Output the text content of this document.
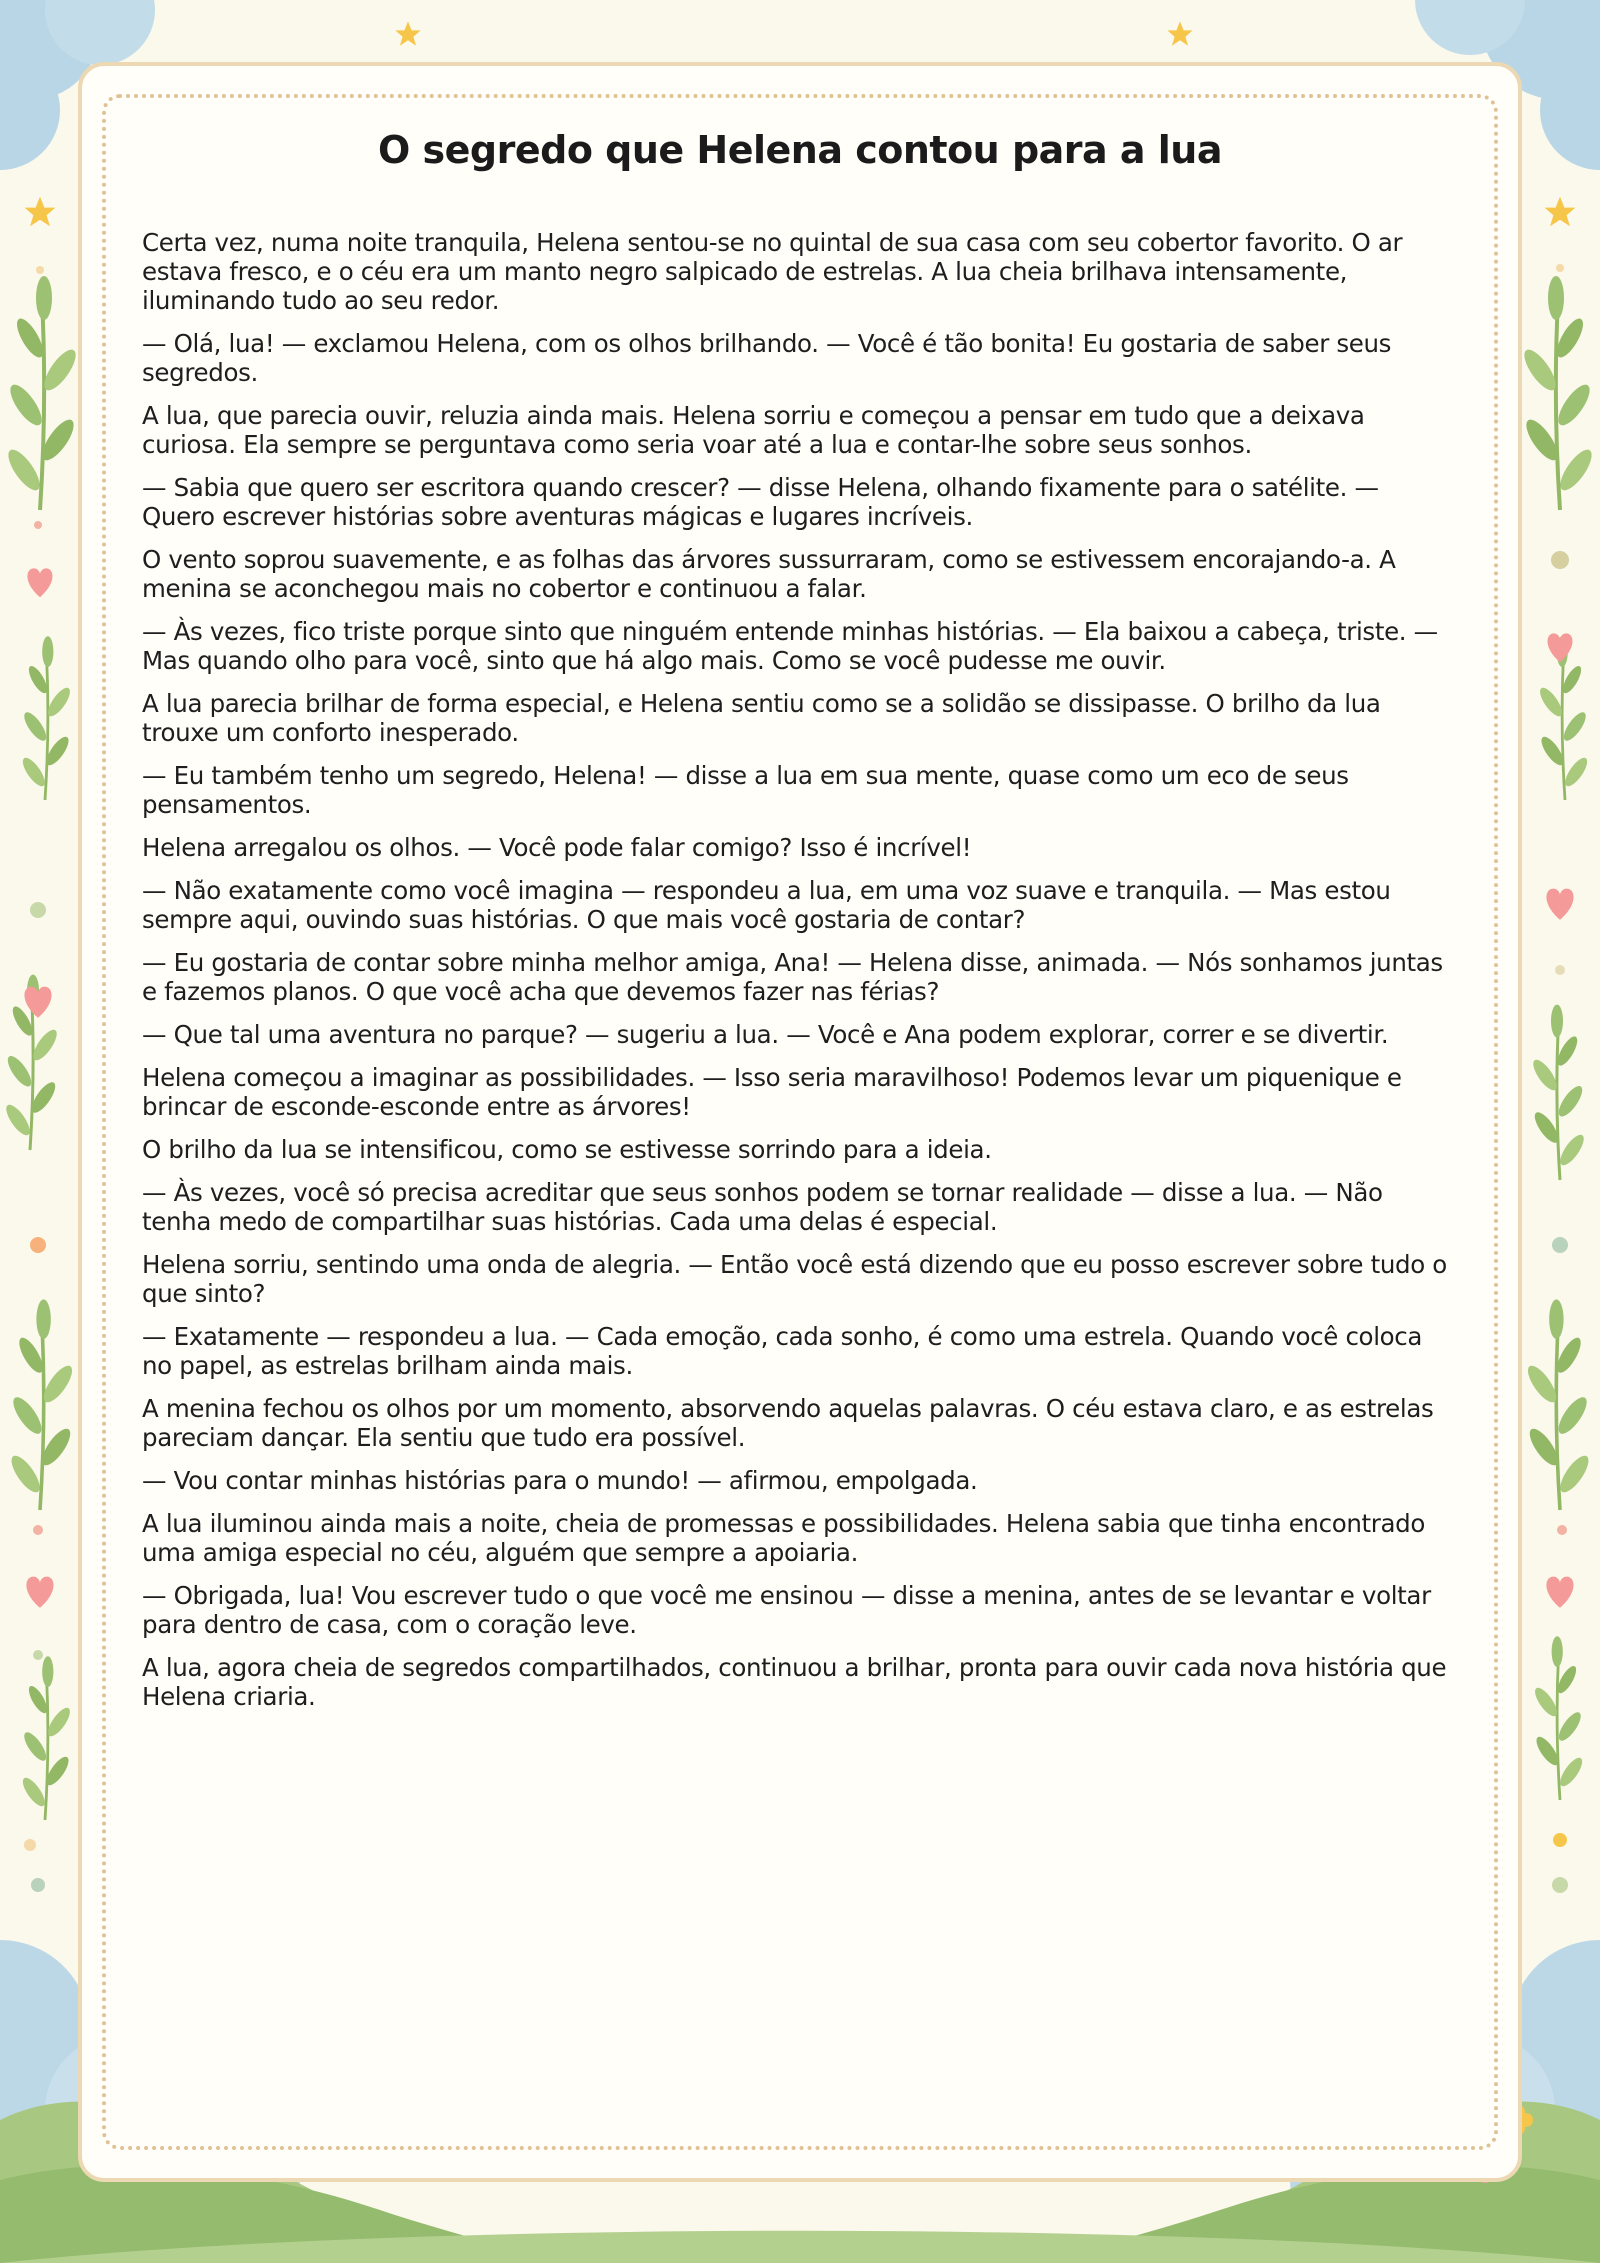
O segredo que Helena contou para a lua

Certa vez, numa noite tranquila, Helena sentou-se no quintal de sua casa com seu cobertor favorito. O ar estava fresco, e o céu era um manto negro salpicado de estrelas. A lua cheia brilhava intensamente, iluminando tudo ao seu redor.

— Olá, lua! — exclamou Helena, com os olhos brilhando. — Você é tão bonita! Eu gostaria de saber seus segredos.

A lua, que parecia ouvir, reluzia ainda mais. Helena sorriu e começou a pensar em tudo que a deixava curiosa. Ela sempre se perguntava como seria voar até a lua e contar-lhe sobre seus sonhos.

— Sabia que quero ser escritora quando crescer? — disse Helena, olhando fixamente para o satélite. — Quero escrever histórias sobre aventuras mágicas e lugares incríveis.

O vento soprou suavemente, e as folhas das árvores sussurraram, como se estivessem encorajando-a. A menina se aconchegou mais no cobertor e continuou a falar.

— Às vezes, fico triste porque sinto que ninguém entende minhas histórias. — Ela baixou a cabeça, triste. — Mas quando olho para você, sinto que há algo mais. Como se você pudesse me ouvir.

A lua parecia brilhar de forma especial, e Helena sentiu como se a solidão se dissipasse. O brilho da lua trouxe um conforto inesperado.

— Eu também tenho um segredo, Helena! — disse a lua em sua mente, quase como um eco de seus pensamentos.

Helena arregalou os olhos. — Você pode falar comigo? Isso é incrível!

— Não exatamente como você imagina — respondeu a lua, em uma voz suave e tranquila. — Mas estou sempre aqui, ouvindo suas histórias. O que mais você gostaria de contar?

— Eu gostaria de contar sobre minha melhor amiga, Ana! — Helena disse, animada. — Nós sonhamos juntas e fazemos planos. O que você acha que devemos fazer nas férias?

— Que tal uma aventura no parque? — sugeriu a lua. — Você e Ana podem explorar, correr e se divertir.

Helena começou a imaginar as possibilidades. — Isso seria maravilhoso! Podemos levar um piquenique e brincar de esconde-esconde entre as árvores!

O brilho da lua se intensificou, como se estivesse sorrindo para a ideia.

— Às vezes, você só precisa acreditar que seus sonhos podem se tornar realidade — disse a lua. — Não tenha medo de compartilhar suas histórias. Cada uma delas é especial.

Helena sorriu, sentindo uma onda de alegria. — Então você está dizendo que eu posso escrever sobre tudo o que sinto?

— Exatamente — respondeu a lua. — Cada emoção, cada sonho, é como uma estrela. Quando você coloca no papel, as estrelas brilham ainda mais.

A menina fechou os olhos por um momento, absorvendo aquelas palavras. O céu estava claro, e as estrelas pareciam dançar. Ela sentiu que tudo era possível.

— Vou contar minhas histórias para o mundo! — afirmou, empolgada.

A lua iluminou ainda mais a noite, cheia de promessas e possibilidades. Helena sabia que tinha encontrado uma amiga especial no céu, alguém que sempre a apoiaria.

— Obrigada, lua! Vou escrever tudo o que você me ensinou — disse a menina, antes de se levantar e voltar para dentro de casa, com o coração leve.

A lua, agora cheia de segredos compartilhados, continuou a brilhar, pronta para ouvir cada nova história que Helena criaria.
